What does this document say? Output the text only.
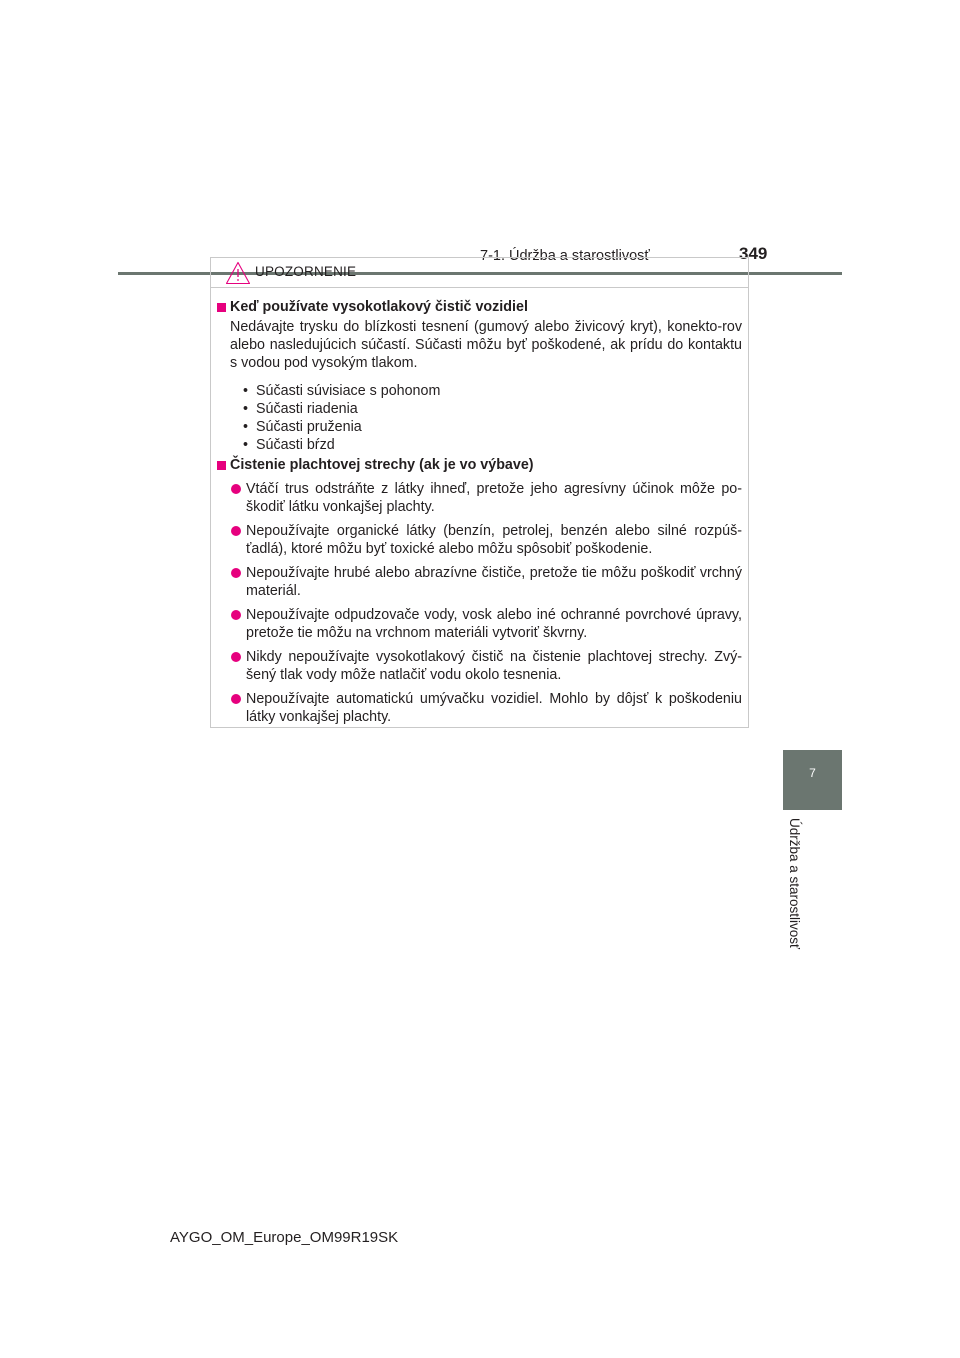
7-1. Údržba a starostlivosť	349
7
Údržba a starostlivosť
UPOZORNENIE
Keď používate vysokotlakový čistič vozidiel
Nedávajte trysku do blízkosti tesnení (gumový alebo živicový kryt), konekto-rov alebo nasledujúcich súčastí. Súčasti môžu byť poškodené, ak prídu do kontaktu s vodou pod vysokým tlakom.
• Súčasti súvisiace s pohonom
• Súčasti riadenia
• Súčasti pruženia
• Súčasti bŕzd
Čistenie plachtovej strechy (ak je vo výbave)
Vtáčí trus odstráňte z látky ihneď, pretože jeho agresívny účinok môže po-škodiť látku vonkajšej plachty.
Nepoužívajte organické látky (benzín, petrolej, benzén alebo silné rozpúš-ťadlá), ktoré môžu byť toxické alebo môžu spôsobiť poškodenie.
Nepoužívajte hrubé alebo abrazívne čističe, pretože tie môžu poškodiť vrchný materiál.
Nepoužívajte odpudzovače vody, vosk alebo iné ochranné povrchové úpravy, pretože tie môžu na vrchnom materiáli vytvoriť škvrny.
Nikdy nepoužívajte vysokotlakový čistič na čistenie plachtovej strechy. Zvý-šený tlak vody môže natlačiť vodu okolo tesnenia.
Nepoužívajte automatickú umývačku vozidiel. Mohlo by dôjsť k poškodeniu látky vonkajšej plachty.
AYGO_OM_Europe_OM99R19SK
